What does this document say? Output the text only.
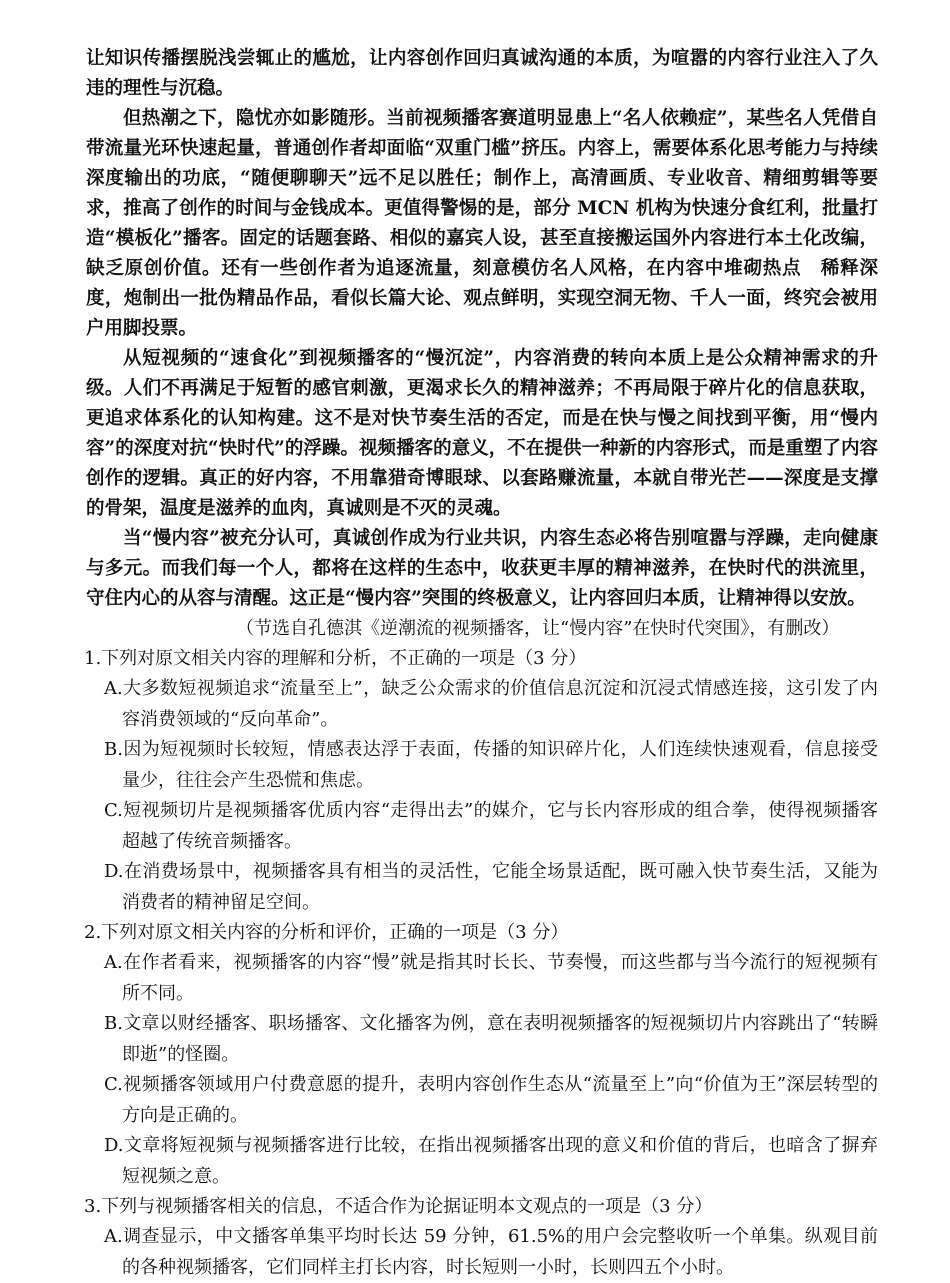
让知识传播摆脱浅尝辄止的尴尬，让内容创作回归真诚沟通的本质，为喧嚣的内容行业注入了久违的理性与沉稳。

但热潮之下，隐忧亦如影随形。当前视频播客赛道明显患上“名人依赖症”，某些名人凭借自带流量光环快速起量，普通创作者却面临“双重门槛”挤压。内容上，需要体系化思考能力与持续深度输出的功底，“随便聊聊天”远不足以胜任；制作上，高清画质、专业收音、精细剪辑等要求，推高了创作的时间与金钱成本。更值得警惕的是，部分 MCN 机构为快速分食红利，批量打造“模板化”播客。固定的话题套路、相似的嘉宾人设，甚至直接搬运国外内容进行本土化改编，缺乏原创价值。还有一些创作者为追逐流量，刻意模仿名人风格，在内容中堆砌热点　稀释深度，炮制出一批伪精品作品，看似长篇大论、观点鲜明，实现空洞无物、千人一面，终究会被用户用脚投票。

从短视频的“速食化”到视频播客的“慢沉淀”，内容消费的转向本质上是公众精神需求的升级。人们不再满足于短暂的感官刺激，更渴求长久的精神滋养；不再局限于碎片化的信息获取，更追求体系化的认知构建。这不是对快节奏生活的否定，而是在快与慢之间找到平衡，用“慢内容”的深度对抗“快时代”的浮躁。视频播客的意义，不在提供一种新的内容形式，而是重塑了内容创作的逻辑。真正的好内容，不用靠猎奇博眼球、以套路赚流量，本就自带光芒——深度是支撑的骨架，温度是滋养的血肉，真诚则是不灭的灵魂。

当“慢内容”被充分认可，真诚创作成为行业共识，内容生态必将告别喧嚣与浮躁，走向健康与多元。而我们每一个人，都将在这样的生态中，收获更丰厚的精神滋养，在快时代的洪流里，守住内心的从容与清醒。这正是“慢内容”突围的终极意义，让内容回归本质，让精神得以安放。

（节选自孔德淇《逆潮流的视频播客，让“慢内容”在快时代突围》，有删改）

1.下列对原文相关内容的理解和分析，不正确的一项是（3 分）

A.大多数短视频追求“流量至上”，缺乏公众需求的价值信息沉淀和沉浸式情感连接，这引发了内容消费领域的“反向革命”。

B.因为短视频时长较短，情感表达浮于表面，传播的知识碎片化，人们连续快速观看，信息接受量少，往往会产生恐慌和焦虑。

C.短视频切片是视频播客优质内容“走得出去”的媒介，它与长内容形成的组合拳，使得视频播客超越了传统音频播客。

D.在消费场景中，视频播客具有相当的灵活性，它能全场景适配，既可融入快节奏生活，又能为消费者的精神留足空间。

2.下列对原文相关内容的分析和评价，正确的一项是（3 分）

A.在作者看来，视频播客的内容“慢”就是指其时长长、节奏慢，而这些都与当今流行的短视频有所不同。

B.文章以财经播客、职场播客、文化播客为例，意在表明视频播客的短视频切片内容跳出了“转瞬即逝”的怪圈。

C.视频播客领域用户付费意愿的提升，表明内容创作生态从“流量至上”向“价值为王”深层转型的方向是正确的。

D.文章将短视频与视频播客进行比较，在指出视频播客出现的意义和价值的背后，也暗含了摒弃短视频之意。

3.下列与视频播客相关的信息，不适合作为论据证明本文观点的一项是（3 分）

A.调查显示，中文播客单集平均时长达 59 分钟，61.5%的用户会完整收听一个单集。纵观目前的各种视频播客，它们同样主打长内容，时长短则一小时，长则四五个小时。
